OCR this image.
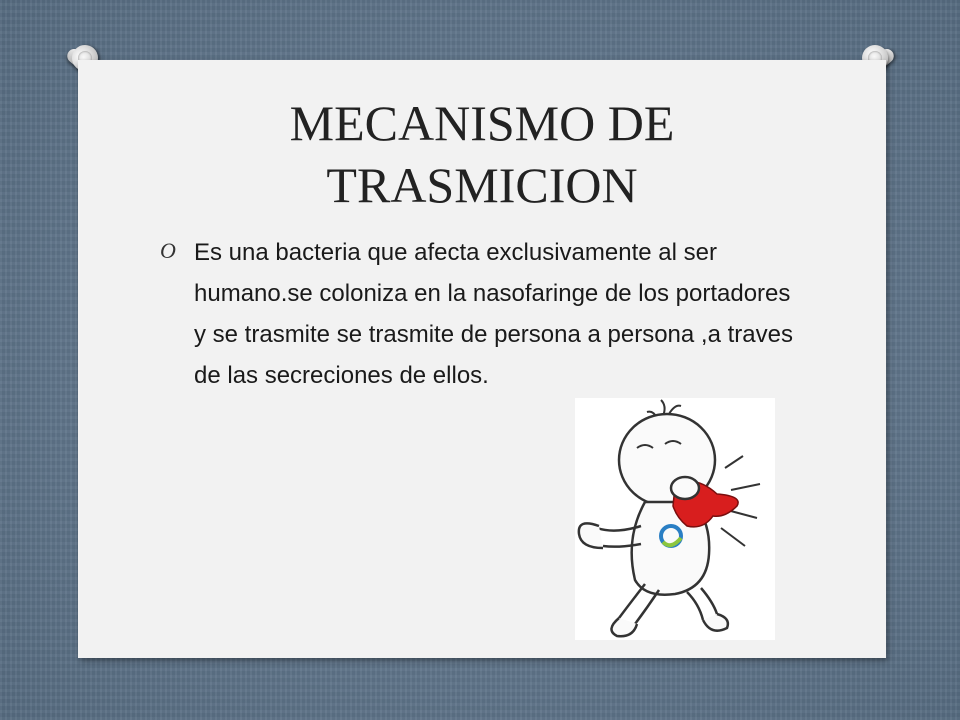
MECANISMO DE
TRASMICION
O Es una bacteria que afecta exclusivamente al ser humano.se coloniza en la nasofaringe de los portadores y se trasmite se trasmite de persona a persona ,a traves de las secreciones de ellos.
